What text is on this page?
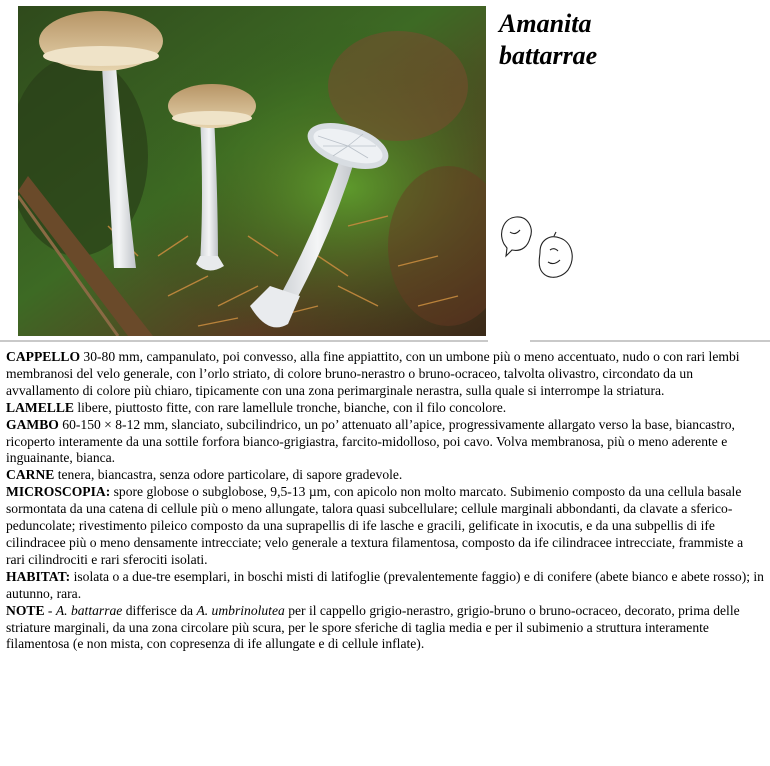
Amanita
battarrae

CAPPELLO 30-80 mm, campanulato, poi convesso, alla fine appiattito, con un umbone più o meno accentuato, nudo o con rari lembi membranosi del velo generale, con l’orlo striato, di colore bruno-nerastro o bruno-ocraceo, talvolta olivastro, circondato da un avvallamento di colore più chiaro, tipicamente con una zona perimarginale nerastra, sulla quale si interrompe la striatura.

LAMELLE libere, piuttosto fitte, con rare lamellule tronche, bianche, con il filo concolore.

GAMBO 60-150 × 8-12 mm, slanciato, subcilindrico, un po’ attenuato all’apice, progressivamente allargato verso la base, biancastro, ricoperto interamente da una sottile forfora bianco-grigiastra, farcito-midolloso, poi cavo. Volva membranosa, più o meno aderente e inguainante, bianca.

CARNE tenera, biancastra, senza odore particolare, di sapore gradevole.

MICROSCOPIA: spore globose o subglobose, 9,5-13 µm, con apicolo non molto marcato. Subimenio composto da una cellula basale sormontata da una catena di cellule più o meno allungate, talora quasi subcellulare; cellule marginali abbondanti, da clavate a sferico-peduncolate; rivestimento pileico composto da una suprapellis di ife lasche e gracili, gelificate in ixocutis, e da una subpellis di ife cilindracee più o meno densamente intrecciate; velo generale a textura filamentosa, composto da ife cilindracee intrecciate, frammiste a rari cilindrociti e rari sferociti isolati.

HABITAT: isolata o a due-tre esemplari, in boschi misti di latifoglie (prevalentemente faggio) e di conifere (abete bianco e abete rosso); in autunno, rara.

NOTE - A. battarrae differisce da A. umbrinolutea per il cappello grigio-nerastro, grigio-bruno o bruno-ocraceo, decorato, prima delle striature marginali, da una zona circolare più scura, per le spore sferiche di taglia media e per il subimenio a struttura interamente filamentosa (e non mista, con copresenza di ife allungate e di cellule inflate).
